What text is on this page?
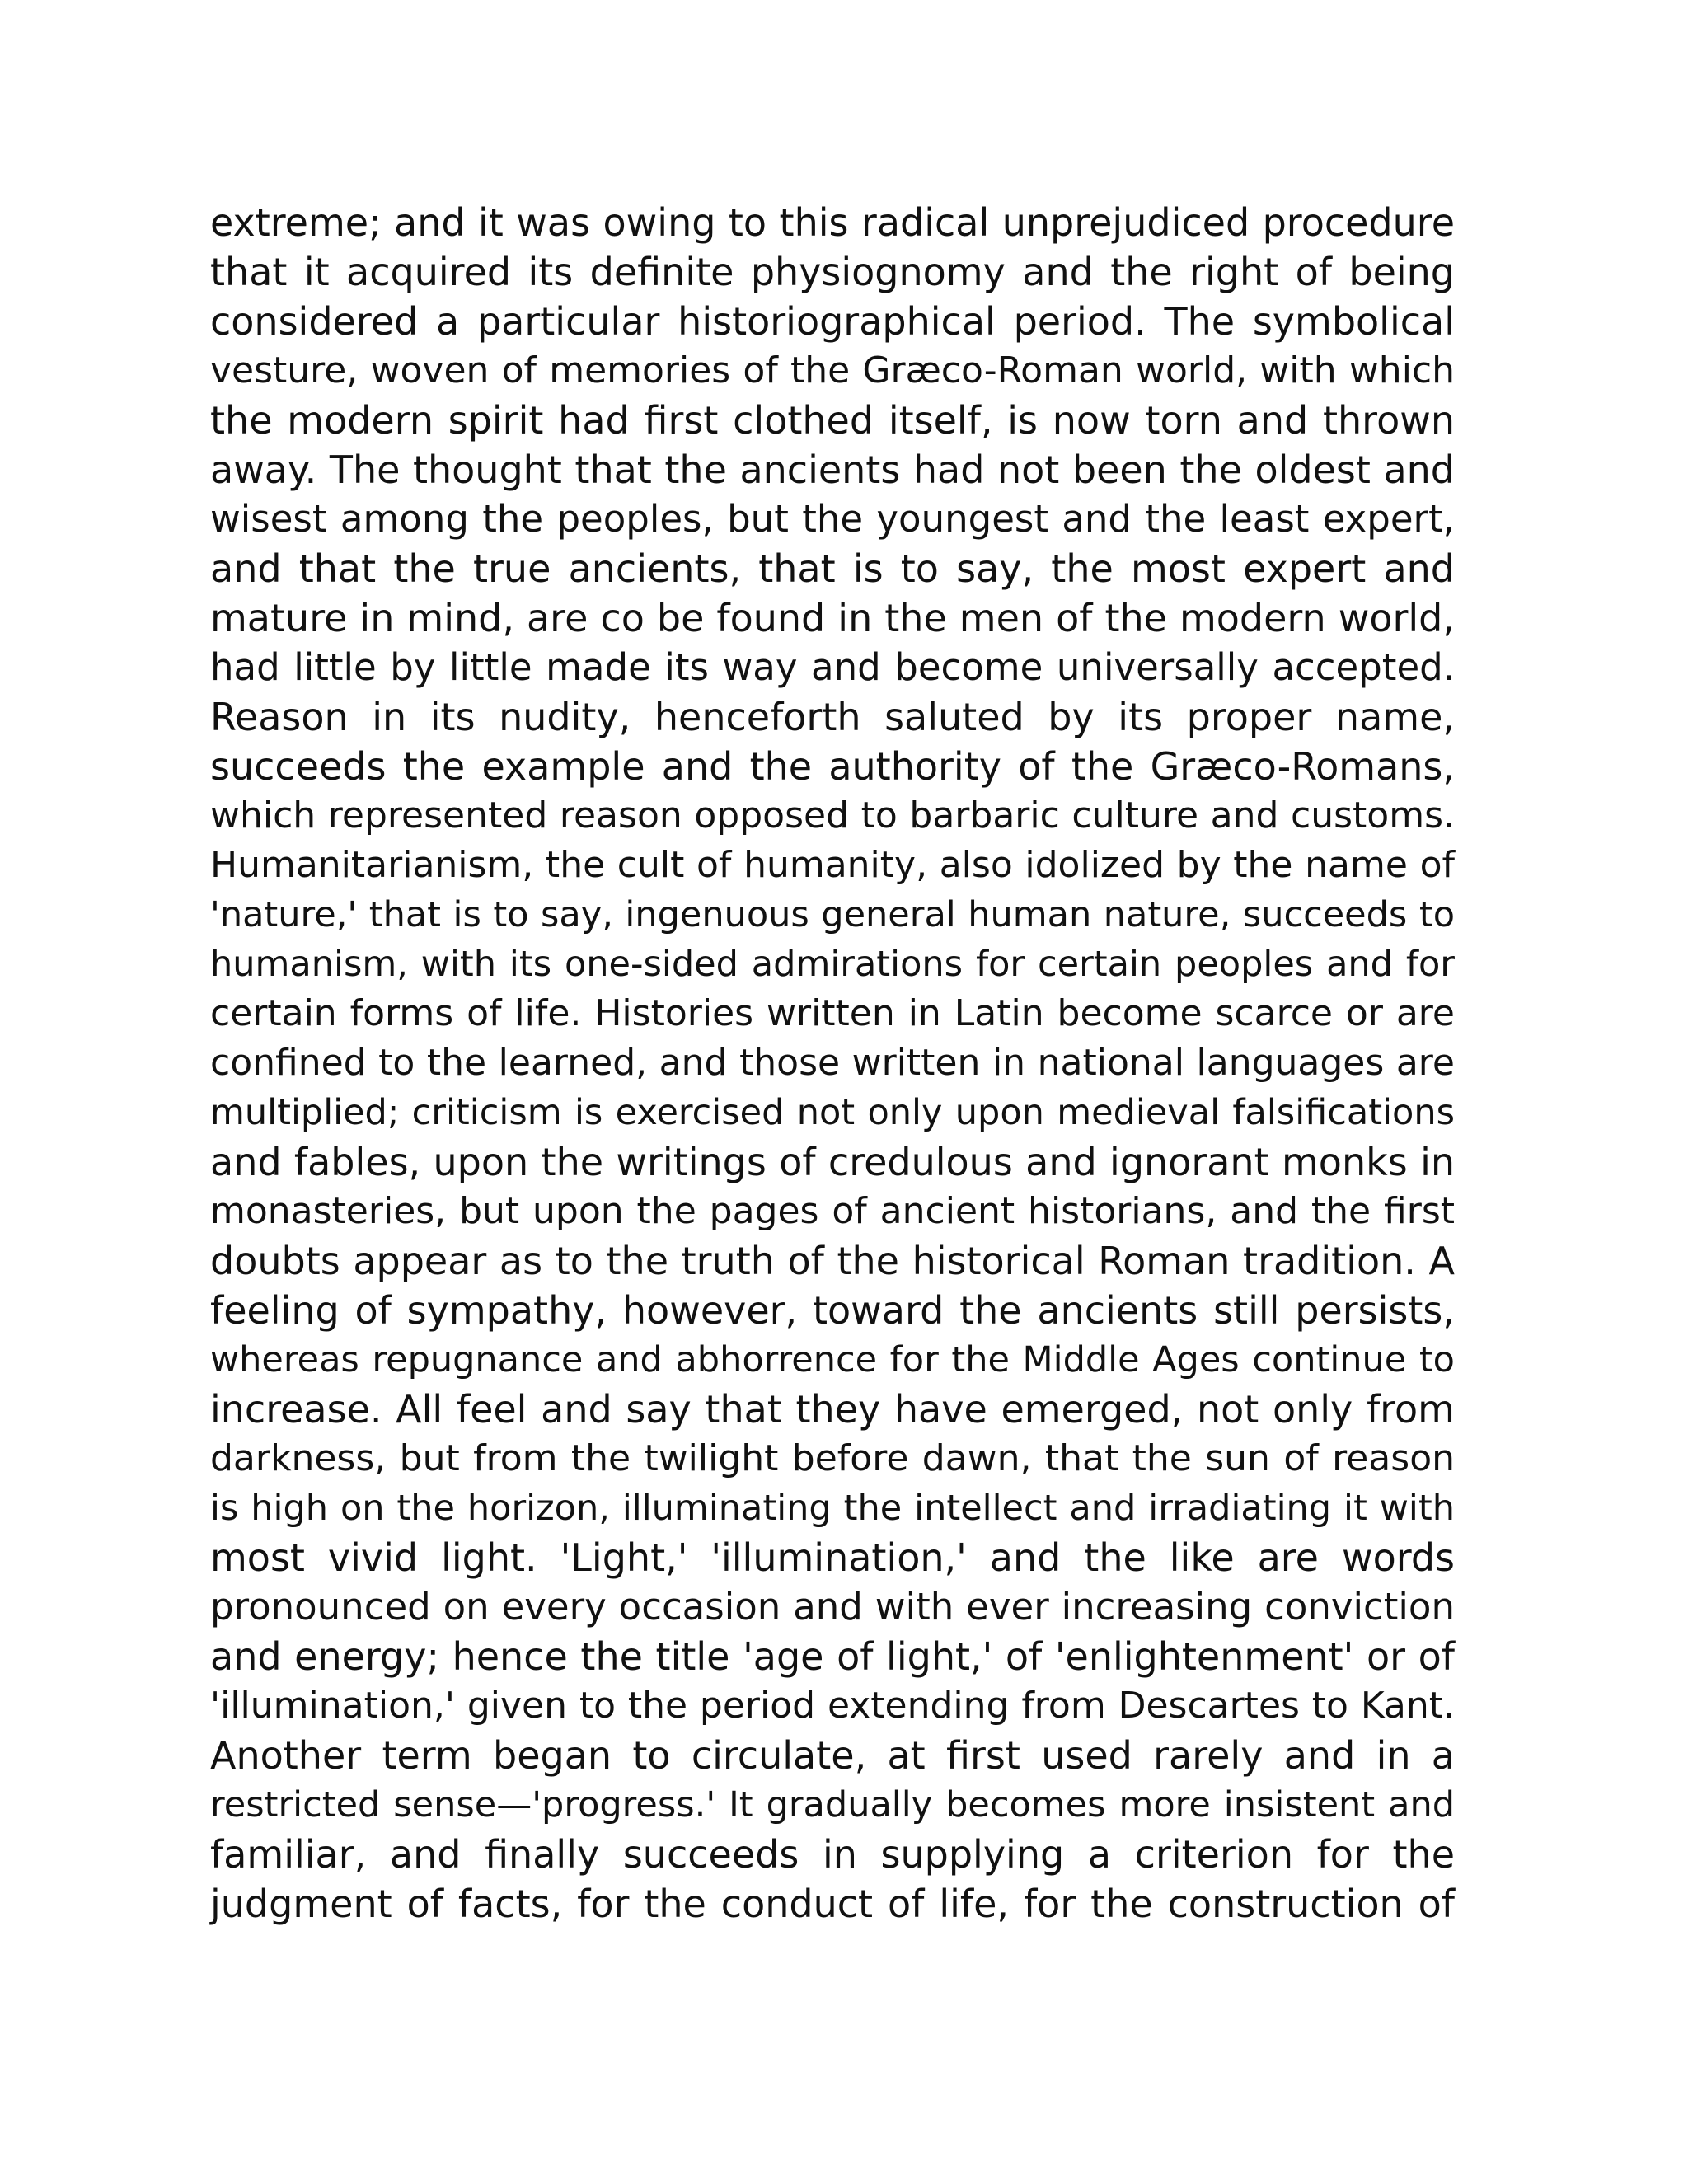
extreme; and it was owing to this radical unprejudiced procedure
that it acquired its definite physiognomy and the right of being
considered a particular historiographical period. The symbolical
vesture, woven of memories of the Græco-Roman world, with which
the modern spirit had first clothed itself, is now torn and thrown
away. The thought that the ancients had not been the oldest and
wisest among the peoples, but the youngest and the least expert,
and that the true ancients, that is to say, the most expert and
mature in mind, are co be found in the men of the modern world,
had little by little made its way and become universally accepted.
Reason in its nudity, henceforth saluted by its proper name,
succeeds the example and the authority of the Græco-Romans,
which represented reason opposed to barbaric culture and customs.
Humanitarianism, the cult of humanity, also idolized by the name of
'nature,' that is to say, ingenuous general human nature, succeeds to
humanism, with its one-sided admirations for certain peoples and for
certain forms of life. Histories written in Latin become scarce or are
confined to the learned, and those written in national languages are
multiplied; criticism is exercised not only upon medieval falsifications
and fables, upon the writings of credulous and ignorant monks in
monasteries, but upon the pages of ancient historians, and the first
doubts appear as to the truth of the historical Roman tradition. A
feeling of sympathy, however, toward the ancients still persists,
whereas repugnance and abhorrence for the Middle Ages continue to
increase. All feel and say that they have emerged, not only from
darkness, but from the twilight before dawn, that the sun of reason
is high on the horizon, illuminating the intellect and irradiating it with
most vivid light. 'Light,' 'illumination,' and the like are words
pronounced on every occasion and with ever increasing conviction
and energy; hence the title 'age of light,' of 'enlightenment' or of
'illumination,' given to the period extending from Descartes to Kant.
Another term began to circulate, at first used rarely and in a
restricted sense—'progress.' It gradually becomes more insistent and
familiar, and finally succeeds in supplying a criterion for the
judgment of facts, for the conduct of life, for the construction of
